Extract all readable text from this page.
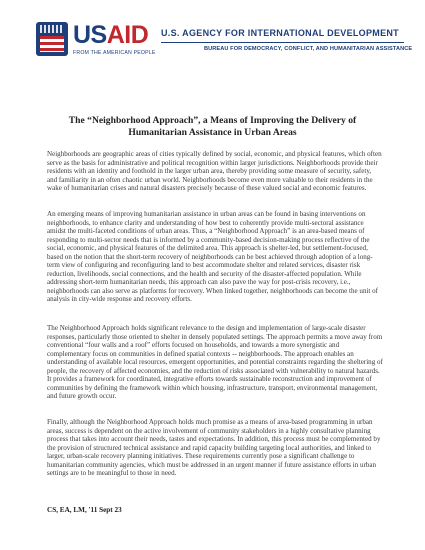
USAID
FROM THE AMERICAN PEOPLE
U.S. AGENCY FOR INTERNATIONAL DEVELOPMENT
BUREAU FOR DEMOCRACY, CONFLICT, AND HUMANITARIAN ASSISTANCE
The “Neighborhood Approach”, a Means of Improving the Delivery of
Humanitarian Assistance in Urban Areas

Neighborhoods are geographic areas of cities typically defined by social, economic, and physical features, which often serve as the basis for administrative and political recognition within larger jurisdictions. Neighborhoods provide their residents with an identity and foothold in the larger urban area, thereby providing some measure of security, safety, and familiarity in an often chaotic urban world. Neighborhoods become even more valuable to their residents in the wake of humanitarian crises and natural disasters precisely because of these valued social and economic features.

An emerging means of improving humanitarian assistance in urban areas can be found in basing interventions on neighborhoods, to enhance clarity and understanding of how best to coherently provide multi-sectoral assistance amidst the multi-faceted conditions of urban areas. Thus, a “Neighborhood Approach” is an area-based means of responding to multi-sector needs that is informed by a community-based decision-making process reflective of the social, economic, and physical features of the delimited area. This approach is shelter-led, but settlement-focused, based on the notion that the short-term recovery of neighborhoods can be best achieved through adoption of a long-term view of configuring and reconfiguring land to best accommodate shelter and related services, disaster risk reduction, livelihoods, social connections, and the health and security of the disaster-affected population. While addressing short-term humanitarian needs, this approach can also pave the way for post-crisis recovery, i.e., neighborhoods can also serve as platforms for recovery. When linked together, neighborhoods can become the unit of analysis in city-wide response and recovery efforts.

The Neighborhood Approach holds significant relevance to the design and implementation of large-scale disaster responses, particularly those oriented to shelter in densely populated settings. The approach permits a move away from conventional “four walls and a roof” efforts focused on households, and towards a more synergistic and complementary focus on communities in defined spatial contexts -- neighborhoods. The approach enables an understanding of available local resources, emergent opportunities, and potential constraints regarding the sheltering of people, the recovery of affected economies, and the reduction of risks associated with vulnerability to natural hazards. It provides a framework for coordinated, integrative efforts towards sustainable reconstruction and improvement of communities by defining the framework within which housing, infrastructure, transport, environmental management, and future growth occur.

Finally, although the Neighborhood Approach holds much promise as a means of area-based programming in urban areas, success is dependent on the active involvement of community stakeholders in a highly consultative planning process that takes into account their needs, tastes and expectations. In addition, this process must be complemented by the provision of structured technical assistance and rapid capacity building targeting local authorities, and linked to larger, urban-scale recovery planning initiatives. These requirements currently pose a significant challenge to humanitarian community agencies, which must be addressed in an urgent manner if future assistance efforts in urban settings are to be meaningful to those in need.

CS, EA, LM, '11 Sept 23
